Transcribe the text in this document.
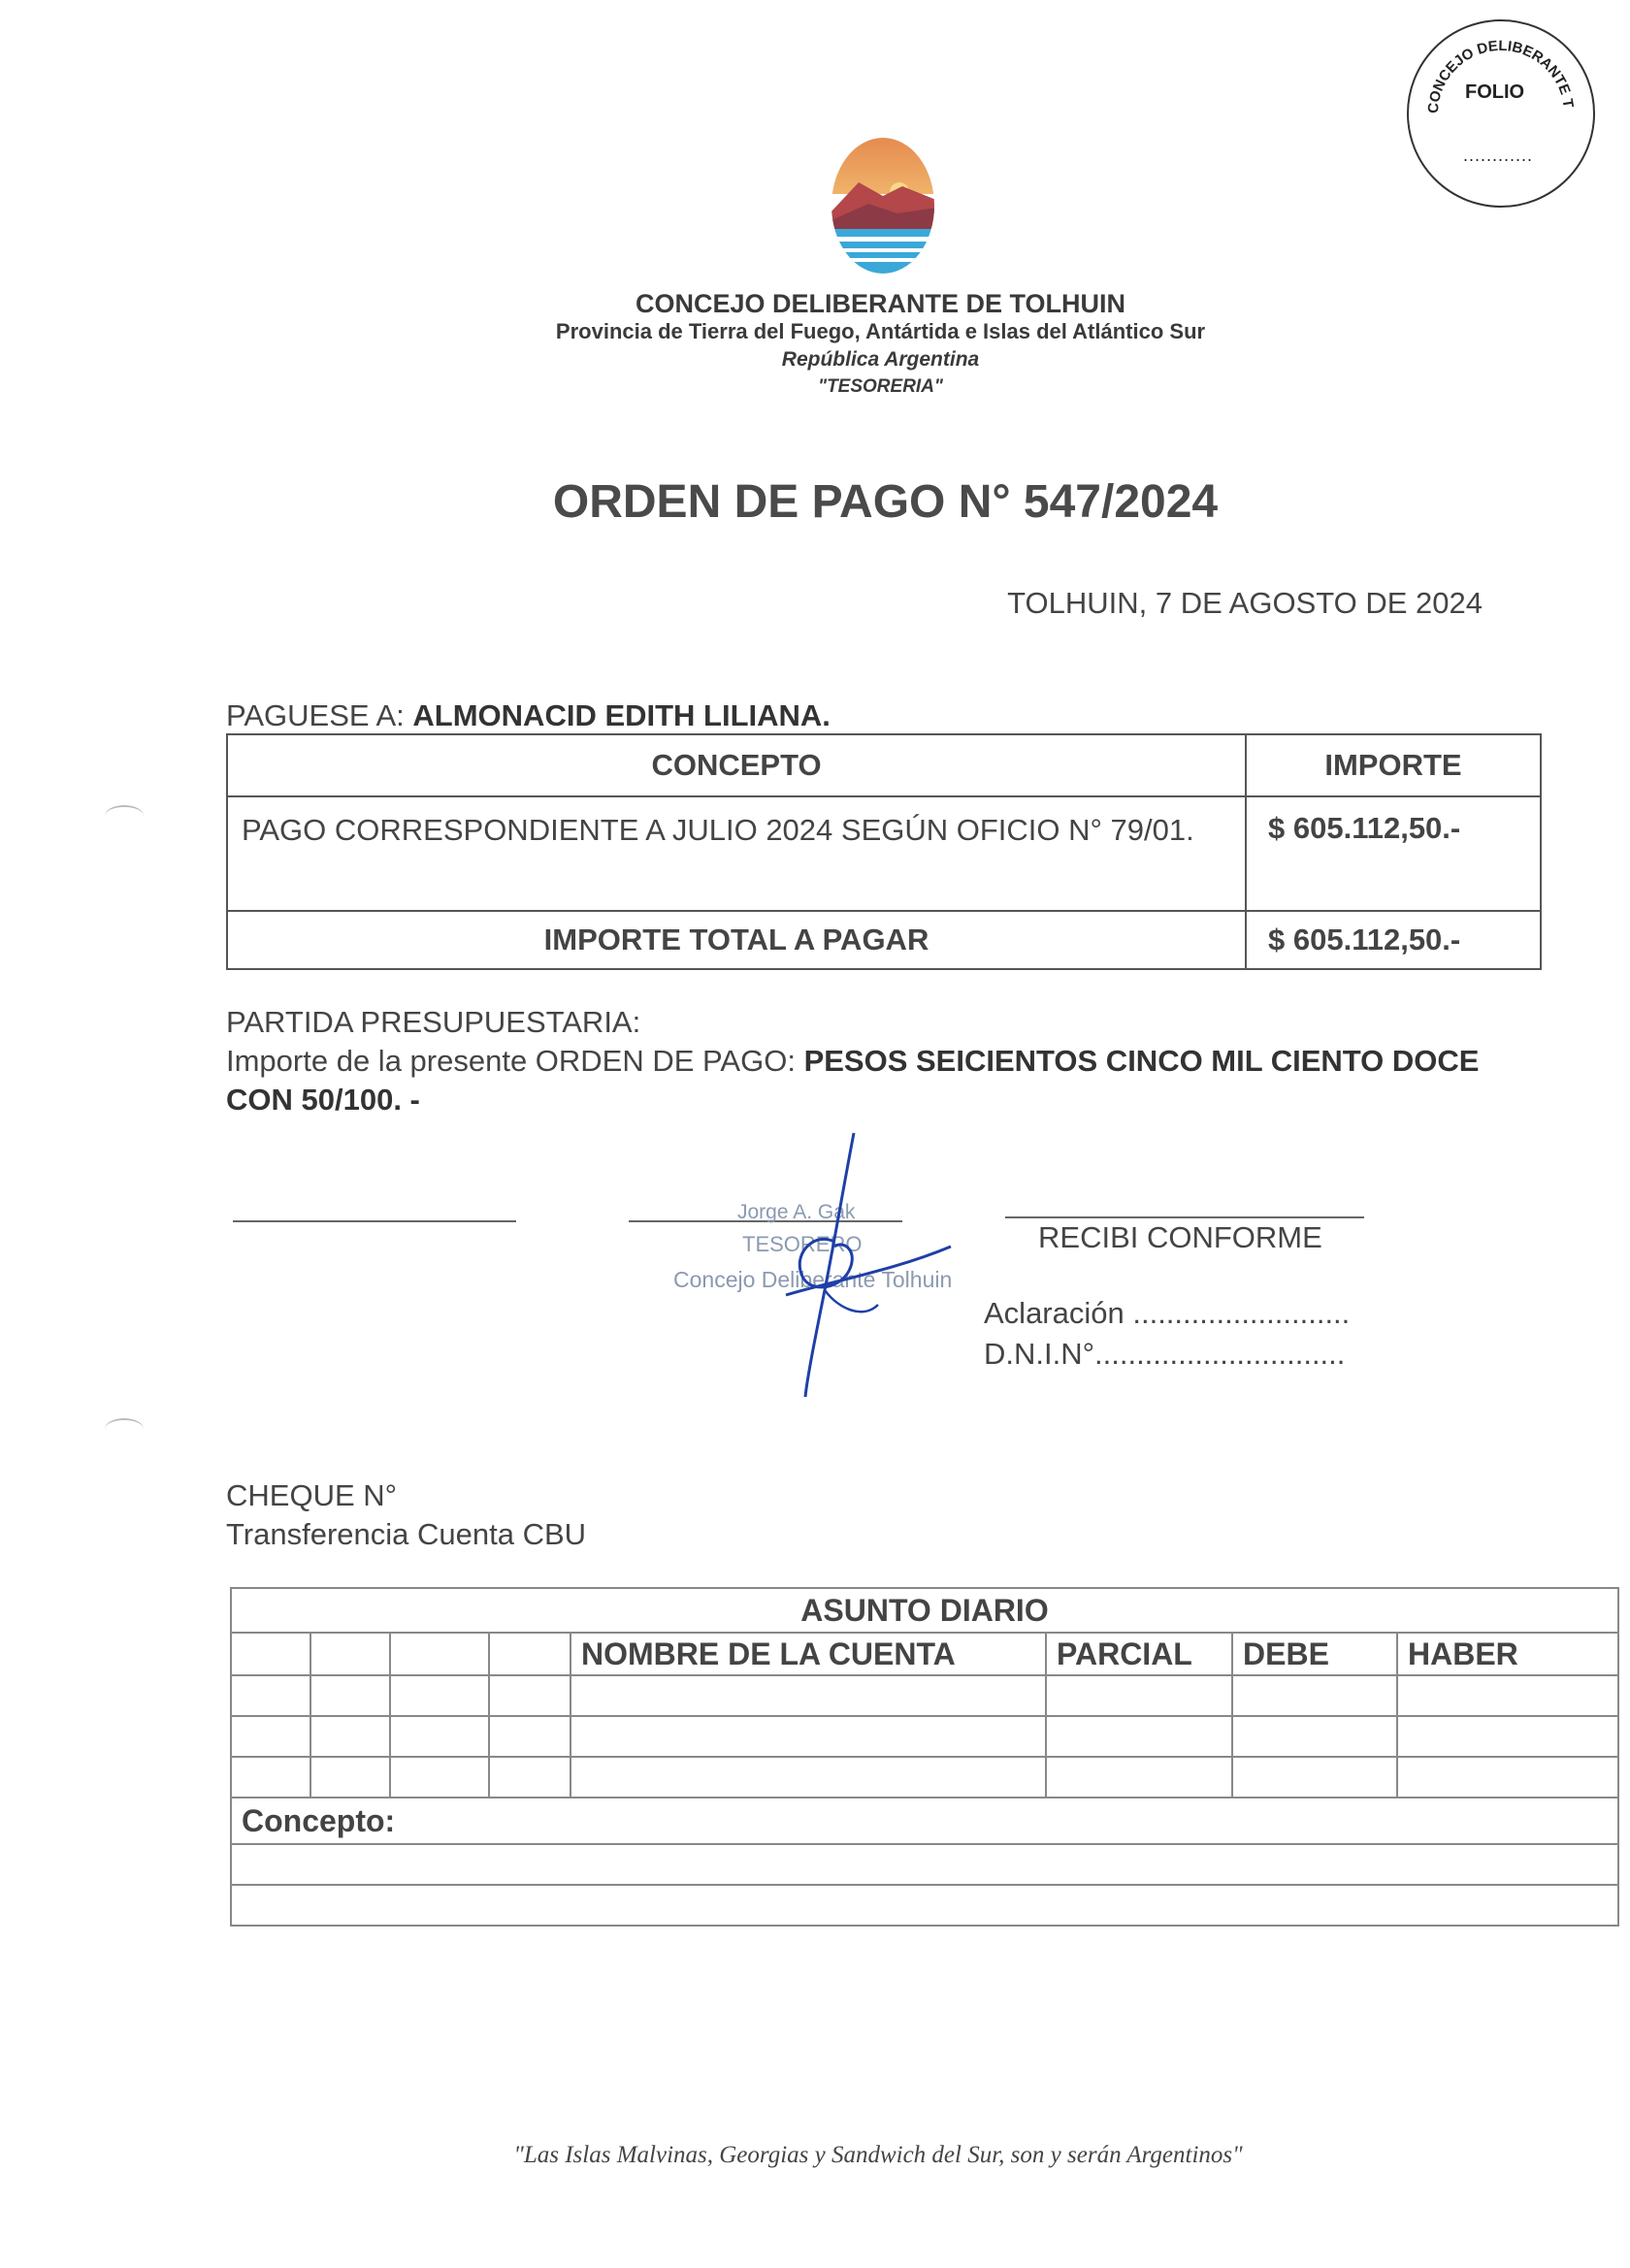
CONCEJO DELIBERANTE T
FOLIO
............
CONCEJO DELIBERANTE DE TOLHUIN
Provincia de Tierra del Fuego, Antártida e Islas del Atlántico Sur
República Argentina
"TESORERIA"
ORDEN DE PAGO N° 547/2024
TOLHUIN, 7 DE AGOSTO DE 2024
PAGUESE A: ALMONACID EDITH LILIANA.
CONCEPTO	IMPORTE
PAGO CORRESPONDIENTE A JULIO 2024 SEGÚN OFICIO N° 79/01.	$ 605.112,50.-
IMPORTE TOTAL A PAGAR	$ 605.112,50.-
PARTIDA PRESUPUESTARIA:
Importe de la presente ORDEN DE PAGO: PESOS SEICIENTOS CINCO MIL CIENTO DOCE CON 50/100. -
Jorge A. Gak
TESORERO
Concejo Deliberante Tolhuin
RECIBI CONFORME
Aclaración ..........................
D.N.I.N°..............................
CHEQUE N°
Transferencia Cuenta CBU
ASUNTO DIARIO							
				NOMBRE DE LA CUENTA	PARCIAL	DEBE	HABER

Concepto:							

"Las Islas Malvinas, Georgias y Sandwich del Sur, son y serán Argentinos"
